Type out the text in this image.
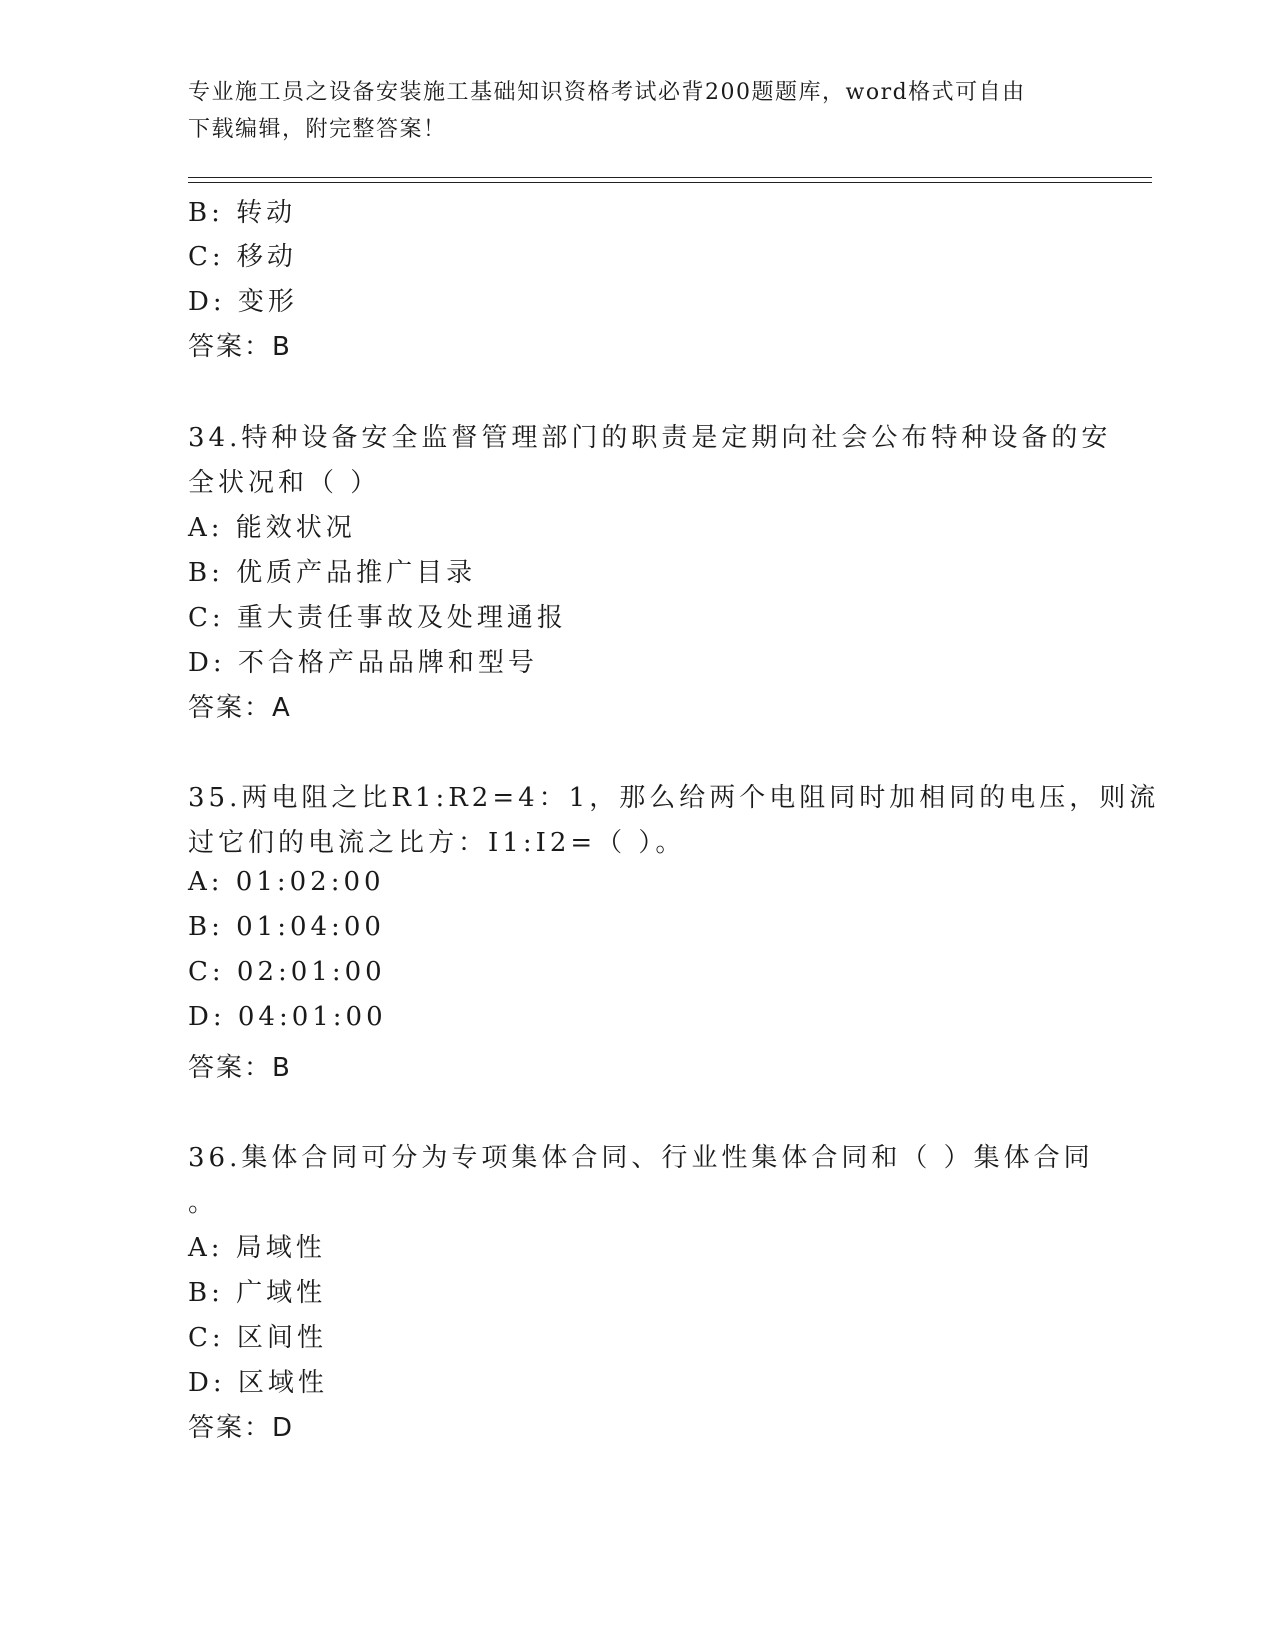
专业施工员之设备安装施工基础知识资格考试必背200题题库，word格式可自由
下载编辑，附完整答案！
B: 转动
C: 移动
D: 变形
答案：B
34.特种设备安全监督管理部门的职责是定期向社会公布特种设备的安
全状况和（ ）
A: 能效状况
B: 优质产品推广目录
C: 重大责任事故及处理通报
D: 不合格产品品牌和型号
答案：A
35.两电阻之比R1:R2=4：1，那么给两个电阻同时加相同的电压，则流
过它们的电流之比方：I1:I2=（ ）。
A: 01:02:00
B: 01:04:00
C: 02:01:00
D: 04:01:00
答案：B
36.集体合同可分为专项集体合同、行业性集体合同和（ ）集体合同
。
A: 局域性
B: 广域性
C: 区间性
D: 区域性
答案：D
